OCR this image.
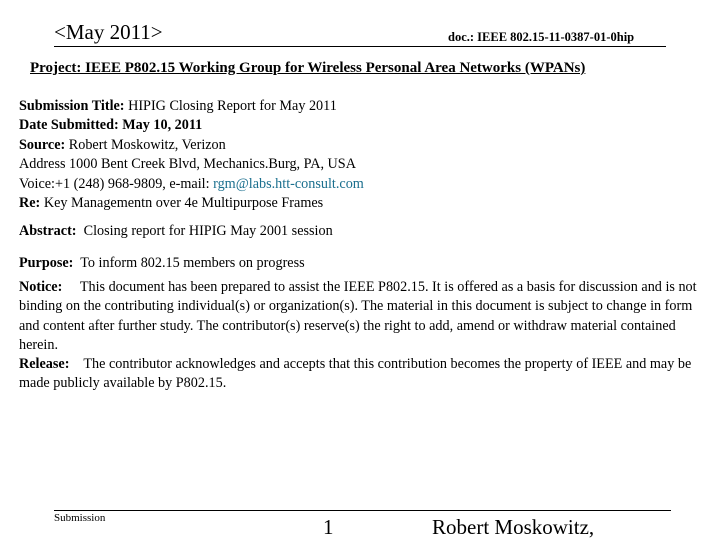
<May 2011>	doc.: IEEE 802.15-11-0387-01-0hip
Project: IEEE P802.15 Working Group for Wireless Personal Area Networks (WPANs)
Submission Title: HIPIG Closing Report for May 2011
Date Submitted: May 10, 2011
Source: Robert Moskowitz, Verizon
Address 1000 Bent Creek Blvd, Mechanics.Burg, PA, USA
Voice:+1 (248) 968-9809, e-mail: rgm@labs.htt-consult.com
Re: Key Managementn over 4e Multipurpose Frames
Abstract: Closing report for HIPIG May 2001 session
Purpose: To inform 802.15 members on progress
Notice: This document has been prepared to assist the IEEE P802.15. It is offered as a basis for discussion and is not binding on the contributing individual(s) or organization(s). The material in this document is subject to change in form and content after further study. The contributor(s) reserve(s) the right to add, amend or withdraw material contained herein.
Release: The contributor acknowledges and accepts that this contribution becomes the property of IEEE and may be made publicly available by P802.15.
Submission	1	Robert Moskowitz,
